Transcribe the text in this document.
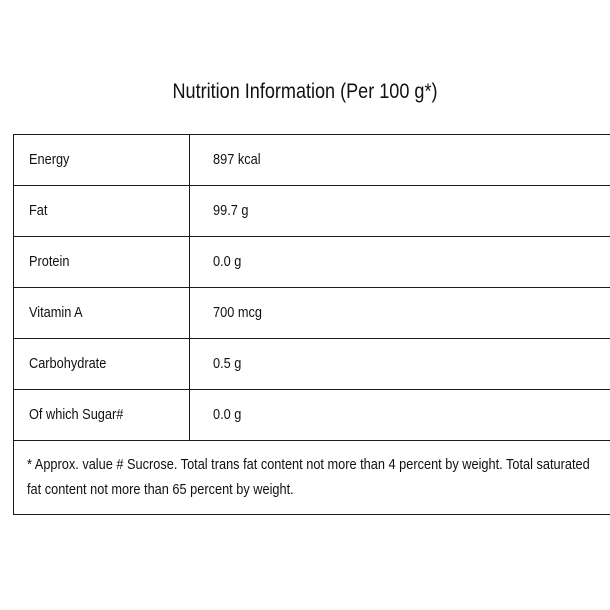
Nutrition Information (Per 100 g*)
Energy	897 kcal
Fat	99.7 g
Protein	0.0 g
Vitamin A	700 mcg
Carbohydrate	0.5 g
Of which Sugar#	0.0 g

* Approx. value # Sucrose. Total trans fat content not more than 4 percent by weight. Total saturated fat content not more than 65 percent by weight.	
